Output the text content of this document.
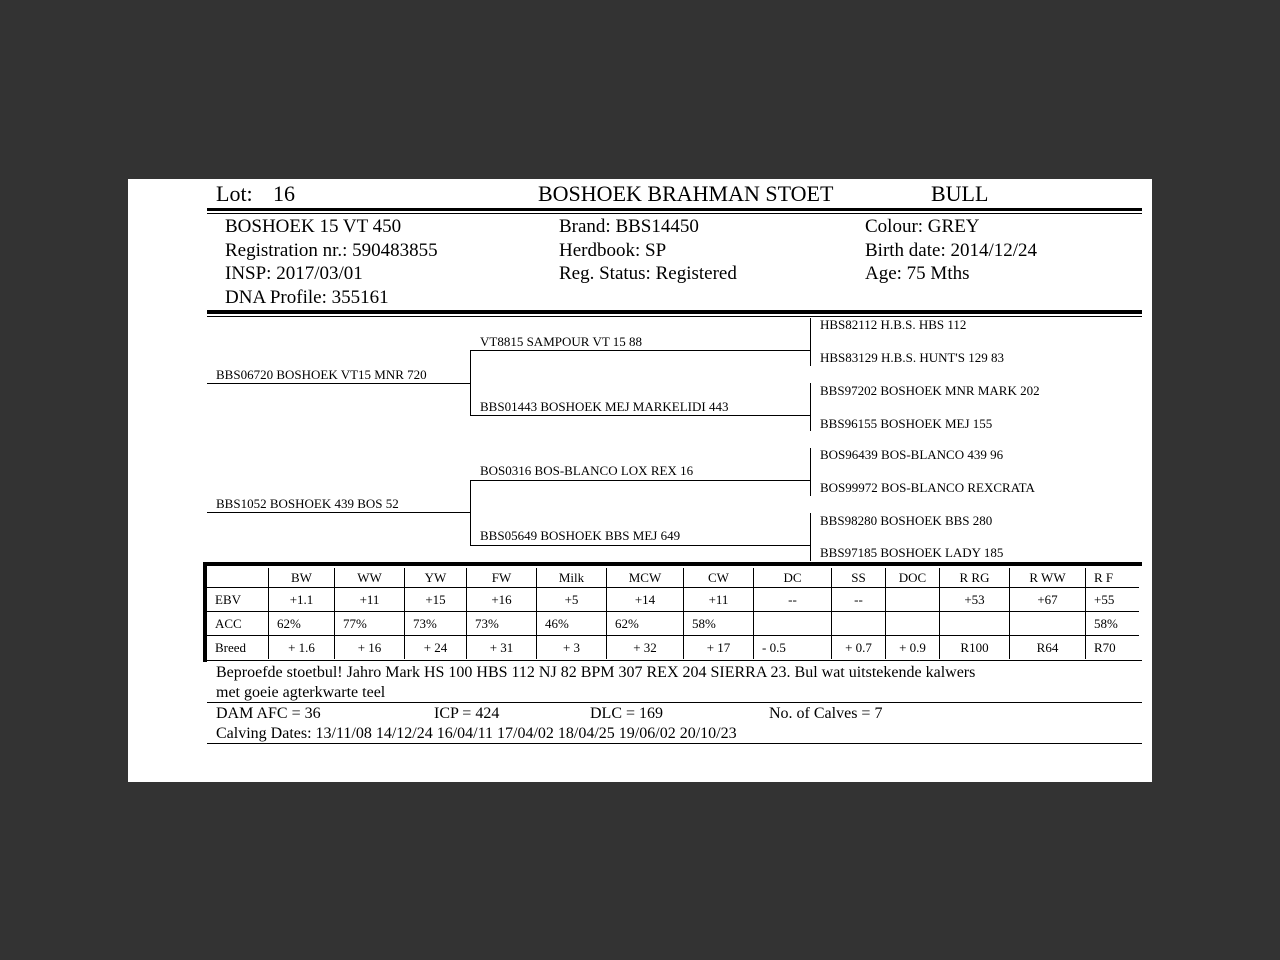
Lot: 16	BOSHOEK BRAHMAN STOET	BULL
BOSHOEK 15 VT 450
Registration nr.: 590483855
INSP: 2017/03/01
DNA Profile: 355161
Brand: BBS14450
Herdbook: SP
Reg. Status: Registered
Colour: GREY
Birth date: 2014/12/24
Age: 75 Mths
BBS06720 BOSHOEK VT15 MNR 720
BBS1052 BOSHOEK 439 BOS 52
VT8815 SAMPOUR VT 15 88
BBS01443 BOSHOEK MEJ MARKELIDI 443
BOS0316 BOS-BLANCO LOX REX 16
BBS05649 BOSHOEK BBS MEJ 649
HBS82112 H.B.S. HBS 112
HBS83129 H.B.S. HUNT'S 129 83
BBS97202 BOSHOEK MNR MARK 202
BBS96155 BOSHOEK MEJ 155
BOS96439 BOS-BLANCO 439 96
BOS99972 BOS-BLANCO REXCRATA
BBS98280 BOSHOEK BBS 280
BBS97185 BOSHOEK LADY 185
	BW	WW	YW	FW	Milk	MCW	CW	DC	SS	DOC	R RG	R WW	R F
EBV	+1.1	+11	+15	+16	+5	+14	+11	--	--		+53	+67	+55
ACC	62%	77%	73%	73%	46%	62%	58%						58%
Breed	+ 1.6	+ 16	+ 24	+ 31	+ 3	+ 32	+ 17	- 0.5	+ 0.7	+ 0.9	R100	R64	R70
Beproefde stoetbul! Jahro Mark HS 100 HBS 112 NJ 82 BPM 307 REX 204 SIERRA 23. Bul wat uitstekende kalwers
met goeie agterkwarte teel
DAM AFC = 36	ICP = 424	DLC = 169	No. of Calves = 7
Calving Dates: 13/11/08 14/12/24 16/04/11 17/04/02 18/04/25 19/06/02 20/10/23
